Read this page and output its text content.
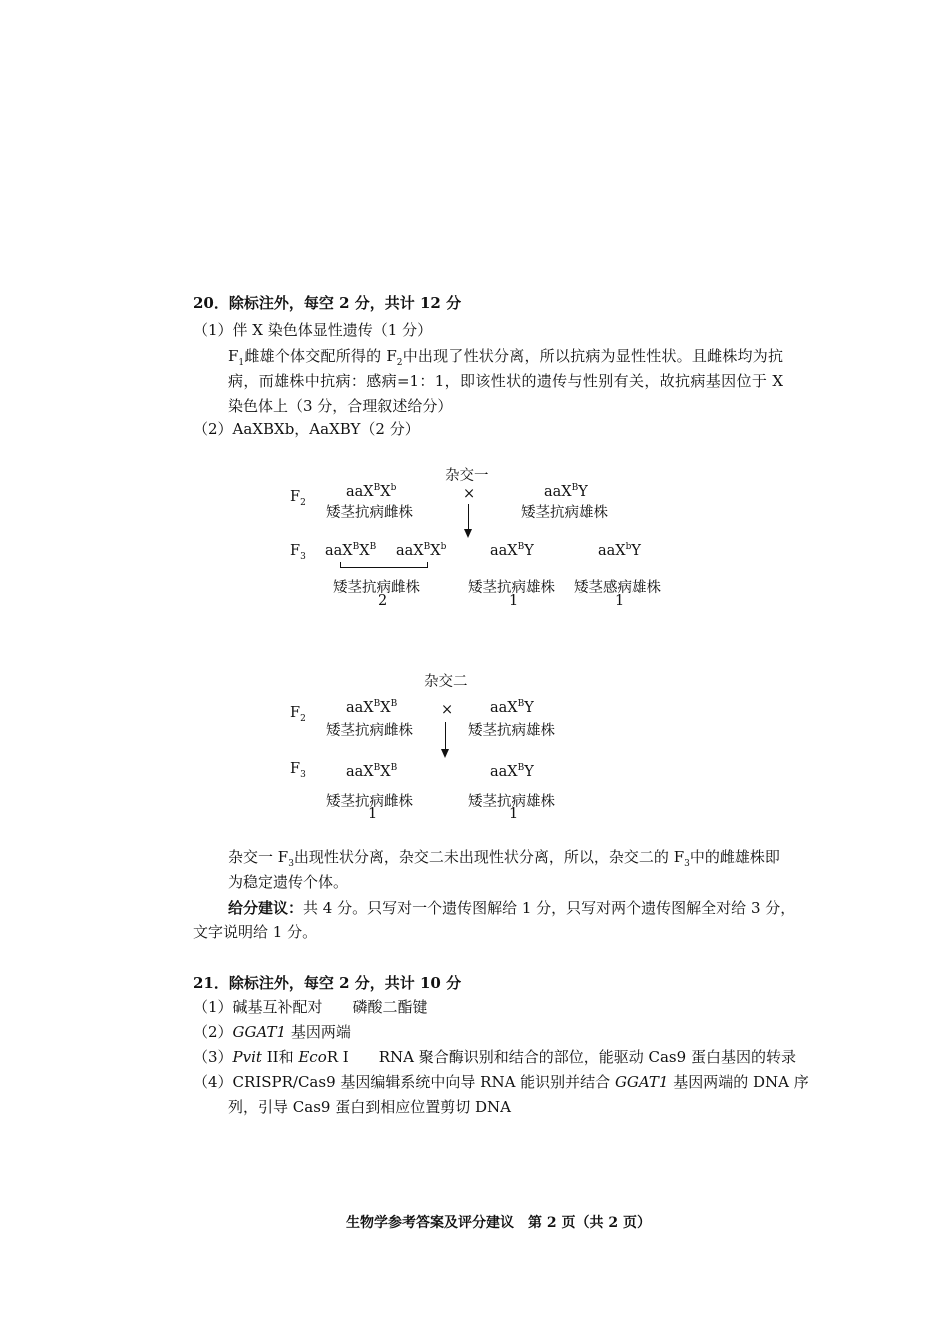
20．除标注外，每空 2 分，共计 12 分
（1）伴 X 染色体显性遗传（1 分）
$F_1$雌雄个体交配所得的 $F_2$中出现了性状分离，所以抗病为显性性状。且雌株均为抗病，而雄株中抗病：感病=1：1，即该性状的遗传与性别有关，故抗病基因位于 X 染色体上（3 分，合理叙述给分）
（2）AaXBXb，AaXBY（2 分）
杂交一
$F_2$
$aaX^BX^b$
矮茎抗病雌株
×	aaX$^B$Y
矮茎抗病雄株
$F_3$ $aaX^BX^B$ $aaX^BX^b$	aaX$^B$Y	aaX$^b$Y
矮茎抗病雌株
2
矮茎抗病雄株
1
矮茎感病雄株
1
杂交二
$F_2$
$aaX^BX^B$
矮茎抗病雌株
×	aaX$^B$Y
矮茎抗病雄株
$F_3$	$aaX^BX^B$	aaX$^B$Y
矮茎抗病雌株
1
矮茎抗病雄株
1
杂交一 $F_3$出现性状分离，杂交二未出现性状分离，所以，杂交二的 $F_3$中的雌雄株即为稳定遗传个体。
给分建议：共 4 分。只写对一个遗传图解给 1 分，只写对两个遗传图解全对给 3 分，
文字说明给 1 分。
21．除标注外，每空 2 分，共计 10 分
（1）碱基互补配对　　磷酸二酯键
（2）GGAT1 基因两端
（3）Pvit II和 EcoR I　　RNA 聚合酶识别和结合的部位，能驱动 Cas9 蛋白基因的转录
（4）CRISPR/Cas9 基因编辑系统中向导 RNA 能识别并结合 GGAT1 基因两端的 DNA 序
列，引导 Cas9 蛋白到相应位置剪切 DNA
生物学参考答案及评分建议　第 2 页（共 2 页）
